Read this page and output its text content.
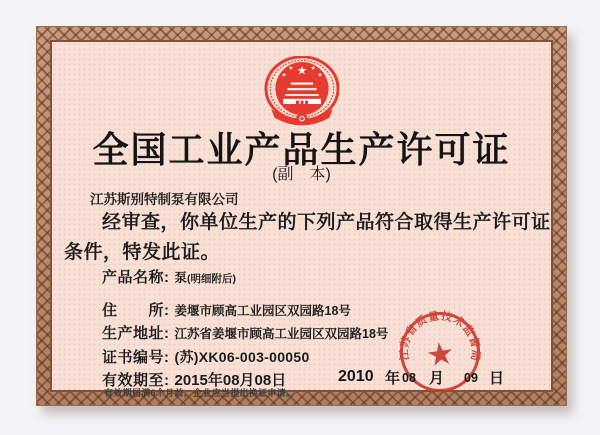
全国工业产品生产许可证
(副　本)
江苏斯别特制泵有限公司
经审查，你单位生产的下列产品符合取得生产许可证
条件，特发此证。
产品名称: 泵(明细附后)
住　　所: 姜堰市顾高工业园区双园路18号
生产地址: 江苏省姜堰市顾高工业园区双园路18号
证书编号: (苏)XK06-003-00050
有效期至: 2015年08月08日
有效期届满6个月前，企业应当提出换证申请。
江苏省质量技术监督局
2010 年 08 月 09 日
